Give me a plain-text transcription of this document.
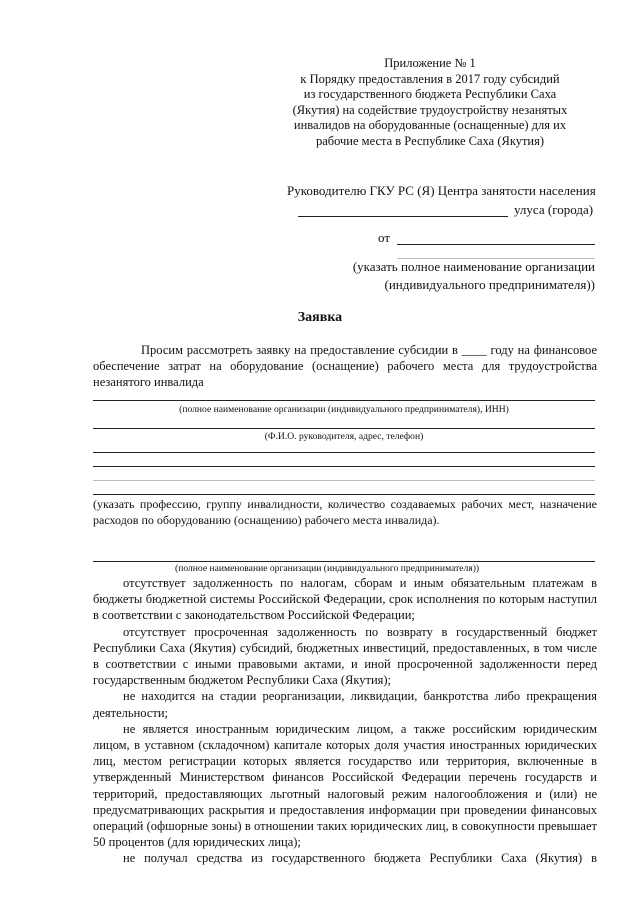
Приложение № 1
к Порядку предоставления в 2017 году субсидий
из государственного бюджета Республики Саха
(Якутия) на содействие трудоустройству незанятых
инвалидов на оборудованные (оснащенные) для их
рабочие места в Республике Саха (Якутия)
Руководителю ГКУ РС (Я) Центра занятости населения
улуса (города)
от
(указать полное наименование организации
(индивидуального предпринимателя))
Заявка

Просим рассмотреть заявку на предоставление субсидии в ____ году на финансовое обеспечение затрат на оборудование (оснащение) рабочего места для трудоустройства незанятого инвалида

(полное наименование организации (индивидуального предпринимателя), ИНН)
(Ф.И.О. руководителя, адрес, телефон)
(указать профессию, группу инвалидности, количество создаваемых рабочих мест, назначение расходов по оборудованию (оснащению) рабочего места инвалида).
(полное наименование организации (индивидуального предпринимателя))

отсутствует задолженность по налогам, сборам и иным обязательным платежам в бюджеты бюджетной системы Российской Федерации, срок исполнения по которым наступил в соответствии с законодательством Российской Федерации;

отсутствует просроченная задолженность по возврату в государственный бюджет Республики Саха (Якутия) субсидий, бюджетных инвестиций, предоставленных, в том числе в соответствии с иными правовыми актами, и иной просроченной задолженности перед государственным бюджетом Республики Саха (Якутия);

не находится на стадии реорганизации, ликвидации, банкротства либо прекращения деятельности;

не является иностранным юридическим лицом, а также российским юридическим лицом, в уставном (складочном) капитале которых доля участия иностранных юридических лиц, местом регистрации которых является государство или территория, включенные в утвержденный Министерством финансов Российской Федерации перечень государств и территорий, предоставляющих льготный налоговый режим налогообложения и (или) не предусматривающих раскрытия и предоставления информации при проведении финансовых операций (офшорные зоны) в отношении таких юридических лиц, в совокупности превышает 50 процентов (для юридических лица);

не получал средства из государственного бюджета Республики Саха (Якутия) в
